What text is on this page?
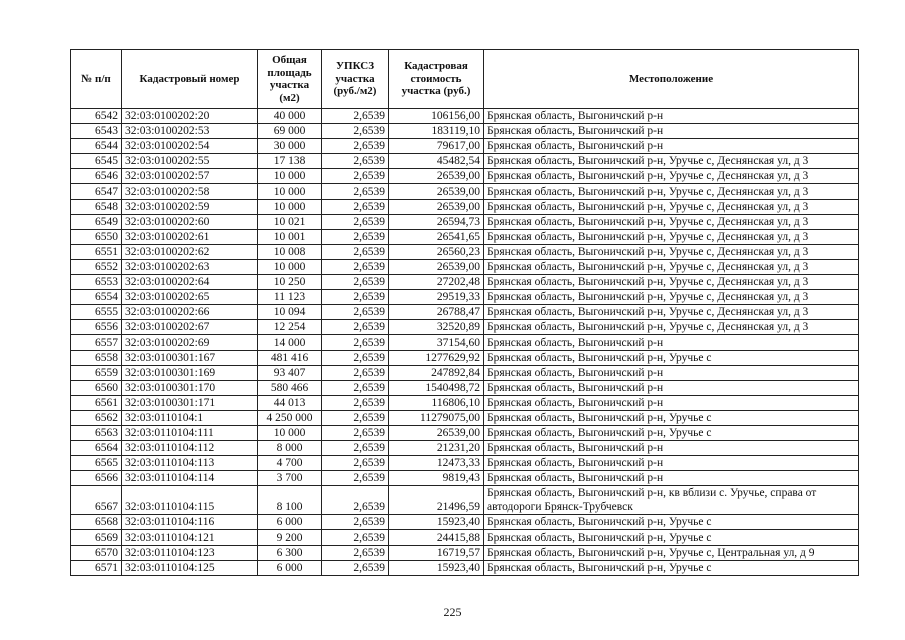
№ п/п	Кадастровый номер	Общая площадь участка (м2)	УПКСЗ участка (руб./м2)	Кадастровая стоимость участка (руб.)	Местоположение
6542	32:03:0100202:20	40 000	2,6539	106156,00	Брянская область, Выгоничский р-н
6543	32:03:0100202:53	69 000	2,6539	183119,10	Брянская область, Выгоничский р-н
6544	32:03:0100202:54	30 000	2,6539	79617,00	Брянская область, Выгоничский р-н
6545	32:03:0100202:55	17 138	2,6539	45482,54	Брянская область, Выгоничский р-н, Уручье с, Деснянская ул, д 3
6546	32:03:0100202:57	10 000	2,6539	26539,00	Брянская область, Выгоничский р-н, Уручье с, Деснянская ул, д 3
6547	32:03:0100202:58	10 000	2,6539	26539,00	Брянская область, Выгоничский р-н, Уручье с, Деснянская ул, д 3
6548	32:03:0100202:59	10 000	2,6539	26539,00	Брянская область, Выгоничский р-н, Уручье с, Деснянская ул, д 3
6549	32:03:0100202:60	10 021	2,6539	26594,73	Брянская область, Выгоничский р-н, Уручье с, Деснянская ул, д 3
6550	32:03:0100202:61	10 001	2,6539	26541,65	Брянская область, Выгоничский р-н, Уручье с, Деснянская ул, д 3
6551	32:03:0100202:62	10 008	2,6539	26560,23	Брянская область, Выгоничский р-н, Уручье с, Деснянская ул, д 3
6552	32:03:0100202:63	10 000	2,6539	26539,00	Брянская область, Выгоничский р-н, Уручье с, Деснянская ул, д 3
6553	32:03:0100202:64	10 250	2,6539	27202,48	Брянская область, Выгоничский р-н, Уручье с, Деснянская ул, д 3
6554	32:03:0100202:65	11 123	2,6539	29519,33	Брянская область, Выгоничский р-н, Уручье с, Деснянская ул, д 3
6555	32:03:0100202:66	10 094	2,6539	26788,47	Брянская область, Выгоничский р-н, Уручье с, Деснянская ул, д 3
6556	32:03:0100202:67	12 254	2,6539	32520,89	Брянская область, Выгоничский р-н, Уручье с, Деснянская ул, д 3
6557	32:03:0100202:69	14 000	2,6539	37154,60	Брянская область, Выгоничский р-н
6558	32:03:0100301:167	481 416	2,6539	1277629,92	Брянская область, Выгоничский р-н, Уручье с
6559	32:03:0100301:169	93 407	2,6539	247892,84	Брянская область, Выгоничский р-н
6560	32:03:0100301:170	580 466	2,6539	1540498,72	Брянская область, Выгоничский р-н
6561	32:03:0100301:171	44 013	2,6539	116806,10	Брянская область, Выгоничский р-н
6562	32:03:0110104:1	4 250 000	2,6539	11279075,00	Брянская область, Выгоничский р-н, Уручье с
6563	32:03:0110104:111	10 000	2,6539	26539,00	Брянская область, Выгоничский р-н, Уручье с
6564	32:03:0110104:112	8 000	2,6539	21231,20	Брянская область, Выгоничский р-н
6565	32:03:0110104:113	4 700	2,6539	12473,33	Брянская область, Выгоничский р-н
6566	32:03:0110104:114	3 700	2,6539	9819,43	Брянская область, Выгоничский р-н
6567	32:03:0110104:115	8 100	2,6539	21496,59	Брянская область, Выгоничский р-н, кв вблизи с. Уручье, справа от автодороги Брянск-Трубчевск
6568	32:03:0110104:116	6 000	2,6539	15923,40	Брянская область, Выгоничский р-н, Уручье с
6569	32:03:0110104:121	9 200	2,6539	24415,88	Брянская область, Выгоничский р-н, Уручье с
6570	32:03:0110104:123	6 300	2,6539	16719,57	Брянская область, Выгоничский р-н, Уручье с, Центральная ул, д 9
6571	32:03:0110104:125	6 000	2,6539	15923,40	Брянская область, Выгоничский р-н, Уручье с
225
